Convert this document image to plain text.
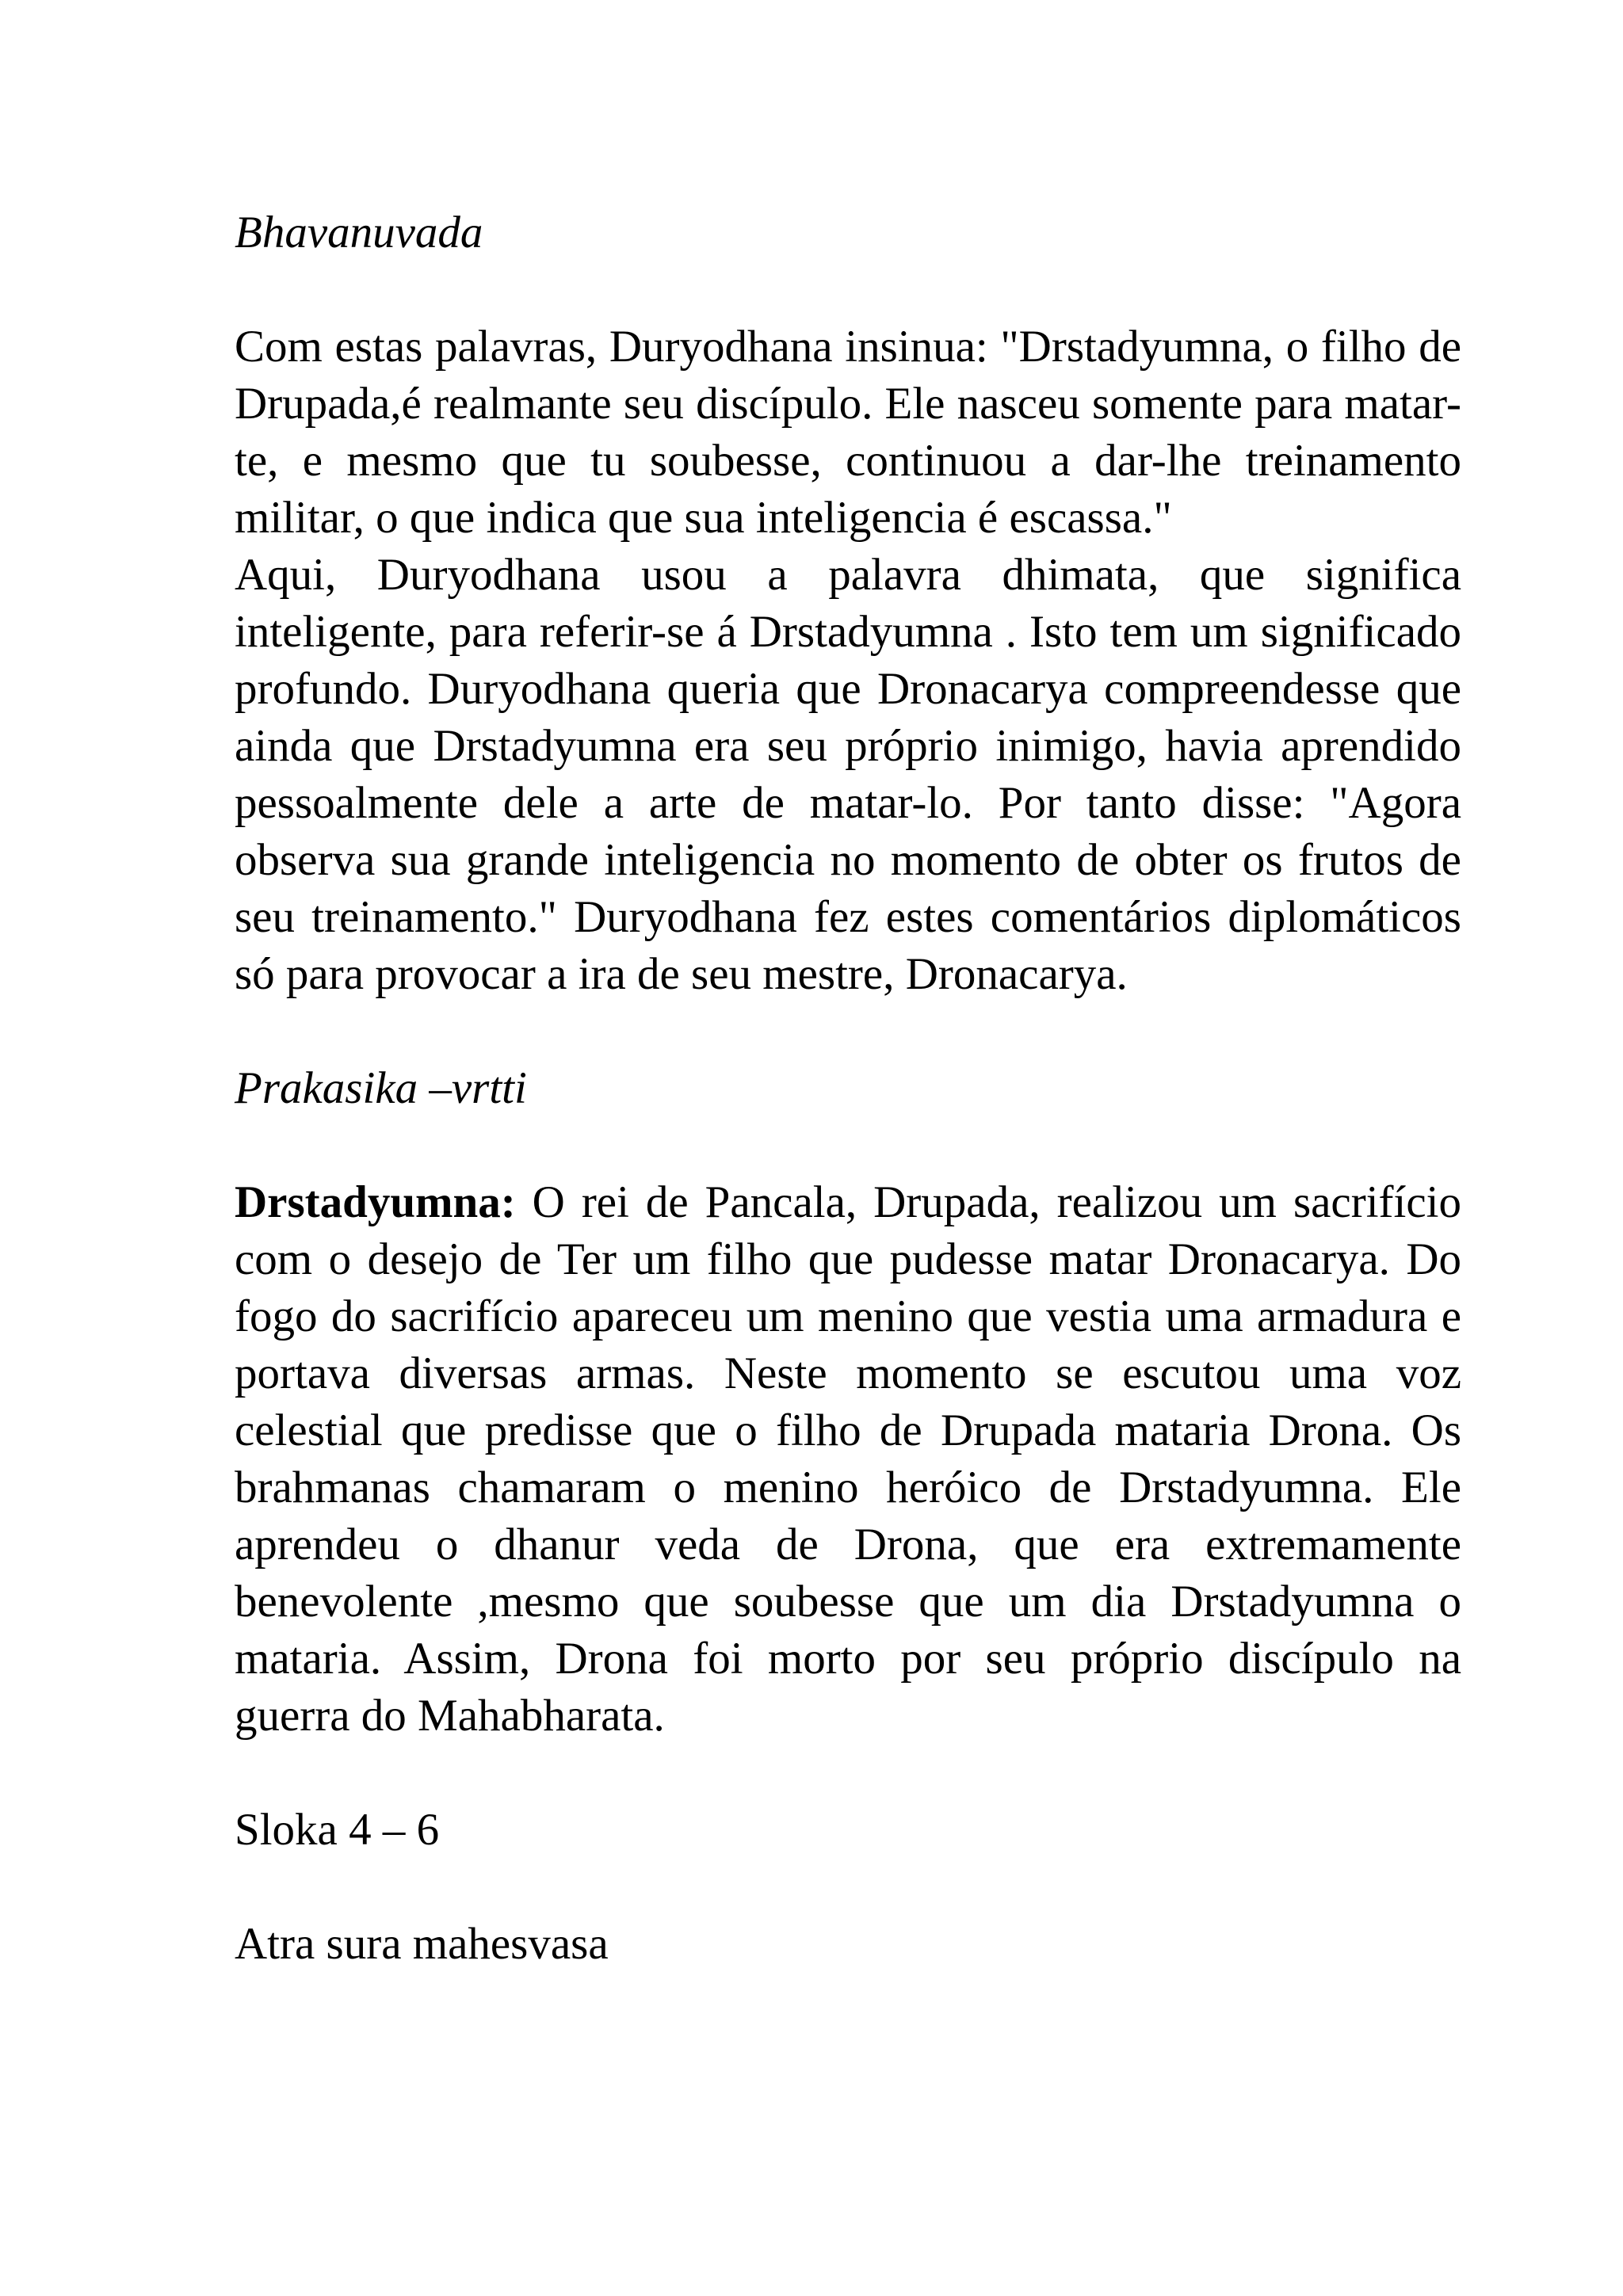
Bhavanuvada

Com estas palavras, Duryodhana insinua: "Drstadyumna, o filho de Drupada,é realmante seu discípulo. Ele nasceu somente para matar-te, e mesmo que tu soubesse, continuou a dar-lhe treinamento militar, o que indica que sua inteligencia é escassa."

Aqui, Duryodhana usou a palavra dhimata, que significa inteligente, para referir-se á Drstadyumna . Isto tem um significado profundo. Duryodhana queria que Dronacarya compreendesse que ainda que Drstadyumna era seu próprio inimigo, havia aprendido pessoalmente dele a arte de matar-lo. Por tanto disse: "Agora observa sua grande inteligencia no momento de obter os frutos de seu treinamento." Duryodhana fez estes comentários diplomáticos só para provocar a ira de seu mestre, Dronacarya.

Prakasika –vrtti

Drstadyumna: O rei de Pancala, Drupada, realizou um sacrifício com o desejo de Ter um filho que pudesse matar Dronacarya. Do fogo do sacrifício apareceu um menino que vestia uma armadura e portava diversas armas. Neste momento se escutou uma voz celestial que predisse que o filho de Drupada mataria Drona. Os brahmanas chamaram o menino heróico de Drstadyumna. Ele aprendeu o dhanur veda de Drona, que era extremamente benevolente ,mesmo que soubesse que um dia Drstadyumna o mataria. Assim, Drona foi morto por seu próprio discípulo na guerra do Mahabharata.

Sloka 4 – 6

Atra sura mahesvasa
